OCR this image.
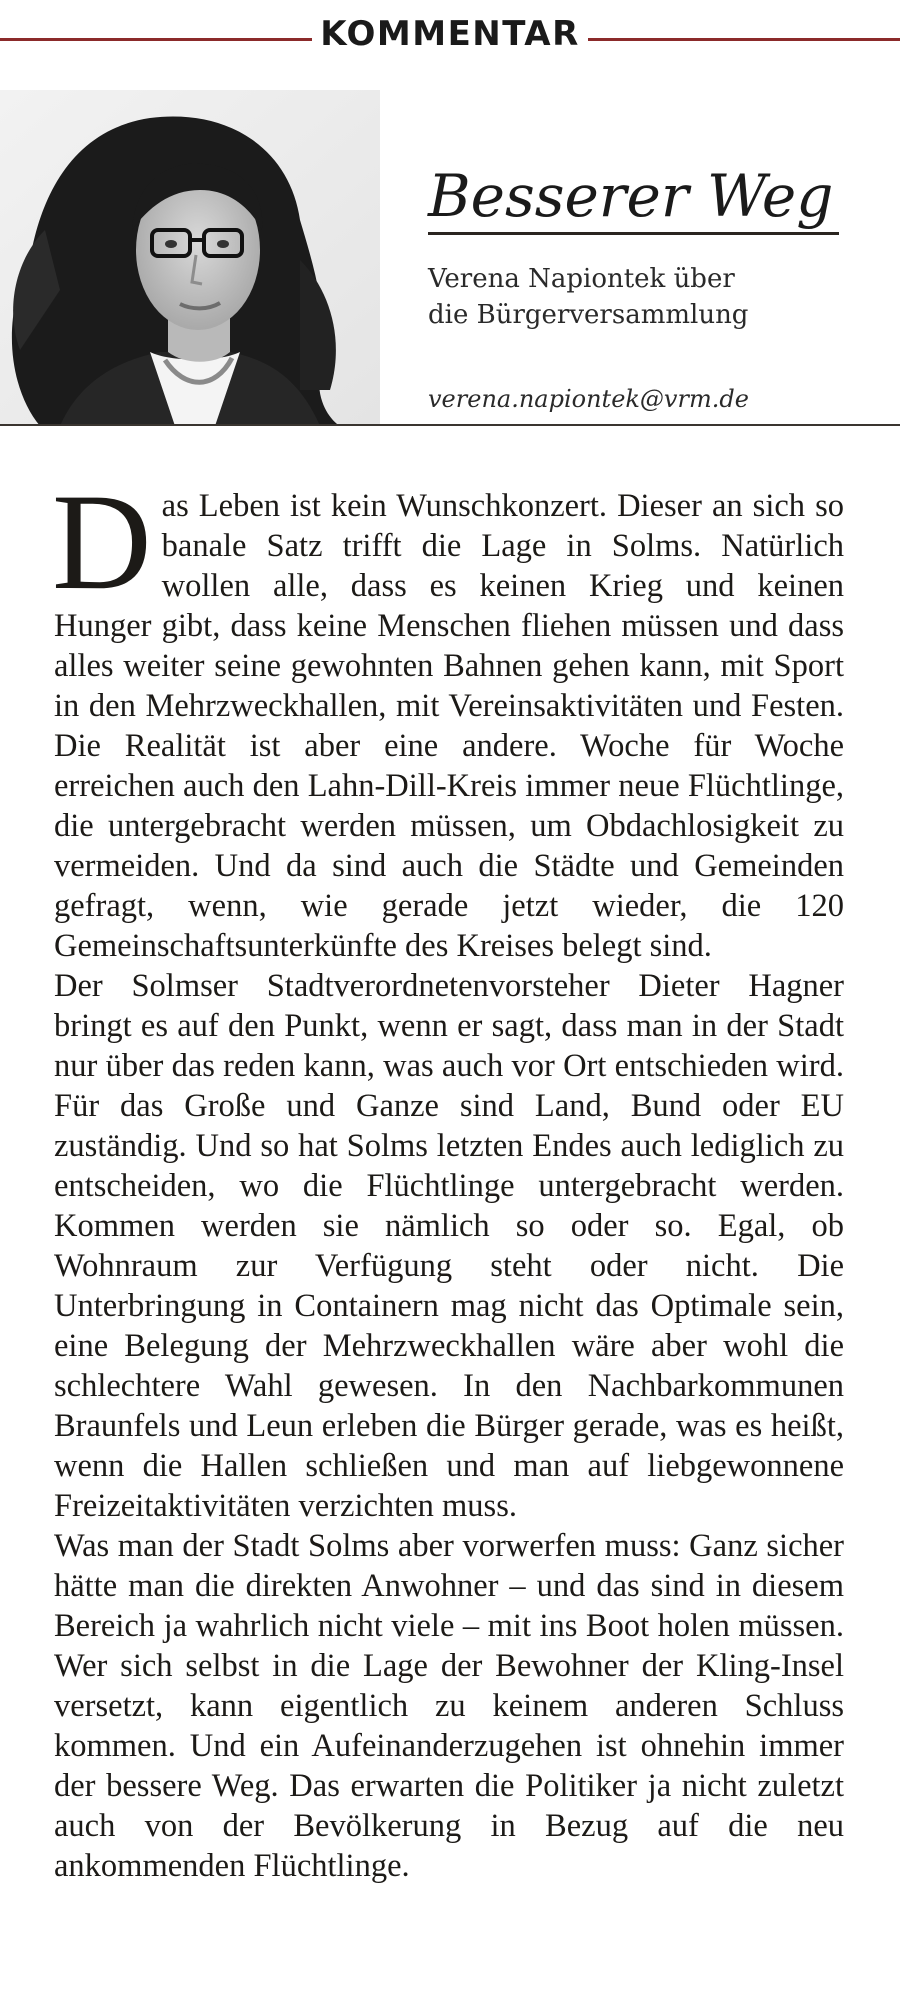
KOMMENTAR
Besserer Weg
Verena Napiontek über
die Bürgerversammlung
verena.napiontek@vrm.de

Das Leben ist kein Wunschkonzert. Dieser an sich so banale Satz trifft die Lage in Solms. Natürlich wollen alle, dass es keinen Krieg und keinen Hunger gibt, dass keine Menschen fliehen müssen und dass alles weiter seine gewohnten Bahnen gehen kann, mit Sport in den Mehrzweckhallen, mit Vereinsaktivitäten und Festen. Die Realität ist aber eine andere. Woche für Woche erreichen auch den Lahn-Dill-Kreis immer neue Flüchtlinge, die untergebracht werden müssen, um Obdachlosigkeit zu vermeiden. Und da sind auch die Städte und Gemeinden gefragt, wenn, wie gerade jetzt wieder, die 120 Gemeinschaftsunterkünfte des Kreises belegt sind.

Der Solmser Stadtverordnetenvorsteher Dieter Hagner bringt es auf den Punkt, wenn er sagt, dass man in der Stadt nur über das reden kann, was auch vor Ort entschieden wird. Für das Große und Ganze sind Land, Bund oder EU zuständig. Und so hat Solms letzten Endes auch lediglich zu entscheiden, wo die Flüchtlinge untergebracht werden. Kommen werden sie nämlich so oder so. Egal, ob Wohnraum zur Verfügung steht oder nicht. Die Unterbringung in Containern mag nicht das Optimale sein, eine Belegung der Mehrzweckhallen wäre aber wohl die schlechtere Wahl gewesen. In den Nachbarkommunen Braunfels und Leun erleben die Bürger gerade, was es heißt, wenn die Hallen schließen und man auf liebgewonnene Freizeitaktivitäten verzichten muss.

Was man der Stadt Solms aber vorwerfen muss: Ganz sicher hätte man die direkten Anwohner – und das sind in diesem Bereich ja wahrlich nicht viele – mit ins Boot holen müssen. Wer sich selbst in die Lage der Bewohner der Kling-Insel versetzt, kann eigentlich zu keinem anderen Schluss kommen. Und ein Aufeinanderzugehen ist ohnehin immer der bessere Weg. Das erwarten die Politiker ja nicht zuletzt auch von der Bevölkerung in Bezug auf die neu ankommenden Flüchtlinge.
